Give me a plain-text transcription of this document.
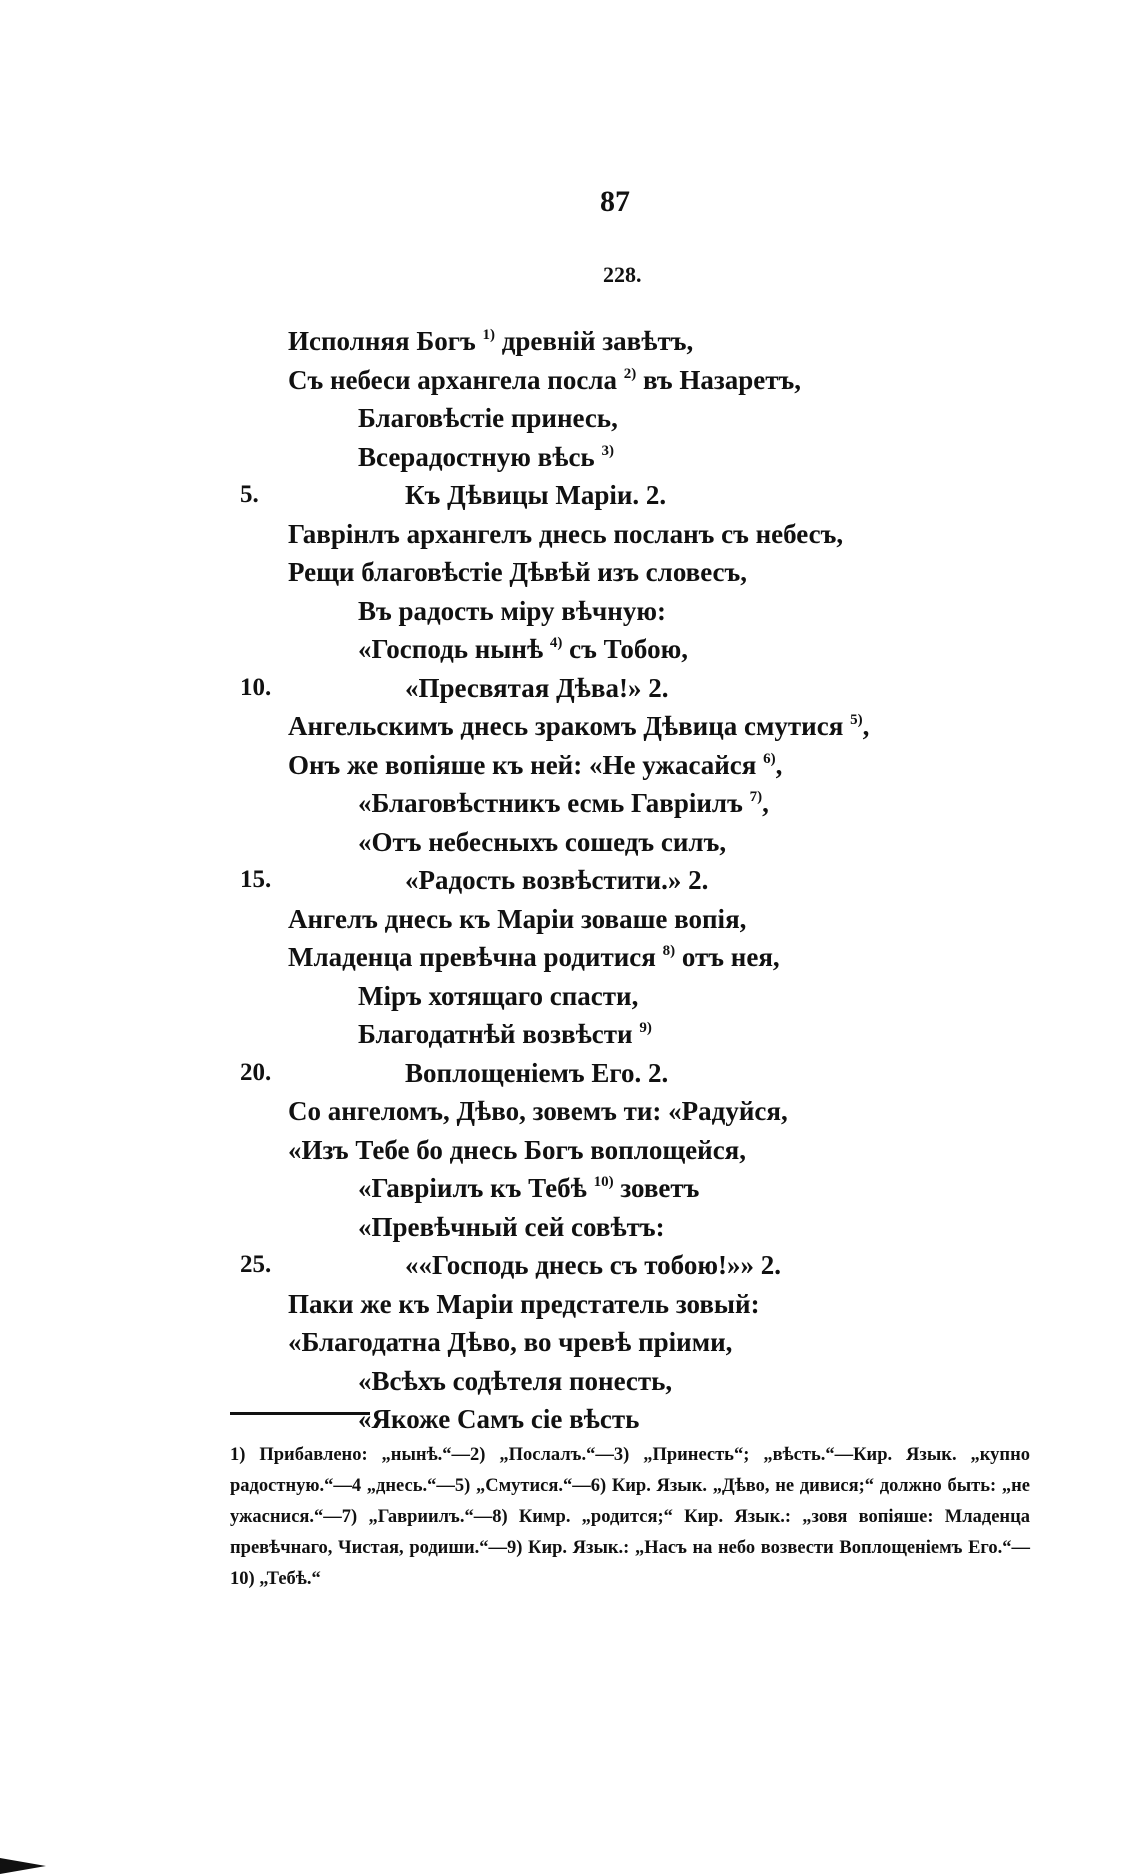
87
228.
Исполняя Богъ $^{1)}$ древній завѣтъ,
Съ небеси архангела посла $^{2)}$ въ Назаретъ,
Благовѣстіе принесь,
Всерадостную вѣсь $^{3)}$
5.	Къ Дѣвицы Маріи. 2.
Гаврінлъ архангелъ днесь посланъ съ небесъ,
Рещи благовѣстіе Дѣвѣй изъ словесъ,
Въ радость міру вѣчную:
«Господь нынѣ $^{4)}$ съ Тобою,
10.	«Пресвятая Дѣва!» 2.
Ангельскимъ днесь зракомъ Дѣвица смутися $^{5)}$,
Онъ же вопіяше къ ней: «Не ужасайся $^{6)}$,
«Благовѣстникъ есмь Гавріилъ $^{7)}$,
«Отъ небесныхъ сошедъ силъ,
15.	«Радость возвѣстити.» 2.
Ангелъ днесь къ Маріи зоваше вопія,
Младенца превѣчна родитися $^{8)}$ отъ нея,
Міръ хотящаго спасти,
Благодатнѣй возвѣсти $^{9)}$
20.	Воплощеніемъ Его. 2.
Со ангеломъ, Дѣво, зовемъ ти: «Радуйся,
«Изъ Тебе бо днесь Богъ воплощейся,
«Гавріилъ къ Тебѣ $^{10)}$ зоветъ
«Превѣчный сей совѣтъ:
25.	««Господь днесь съ тобою!»» 2.
Паки же къ Маріи предстатель зовый:
«Благодатна Дѣво, во чревѣ пріими,
«Всѣхъ содѣтеля понесть,
«Якоже Самъ сіе вѣсть

1) Прибавлено: „нынѣ.“—2) „Послалъ.“—3) „Принесть“; „вѣсть.“—Кир. Язык. „купно радостную.“—4 „днесь.“—5) „Смутися.“—6) Кир. Язык. „Дѣво, не дивися;“ должно быть: „не ужаснися.“—7) „Гавриилъ.“—8) Кимр. „родится;“ Кир. Язык.: „зовя вопіяше: Младенца превѣчнаго, Чистая, родиши.“—9) Кир. Язык.: „Насъ на небо возвести Воплощеніемъ Его.“— 10) „Тебѣ.“
